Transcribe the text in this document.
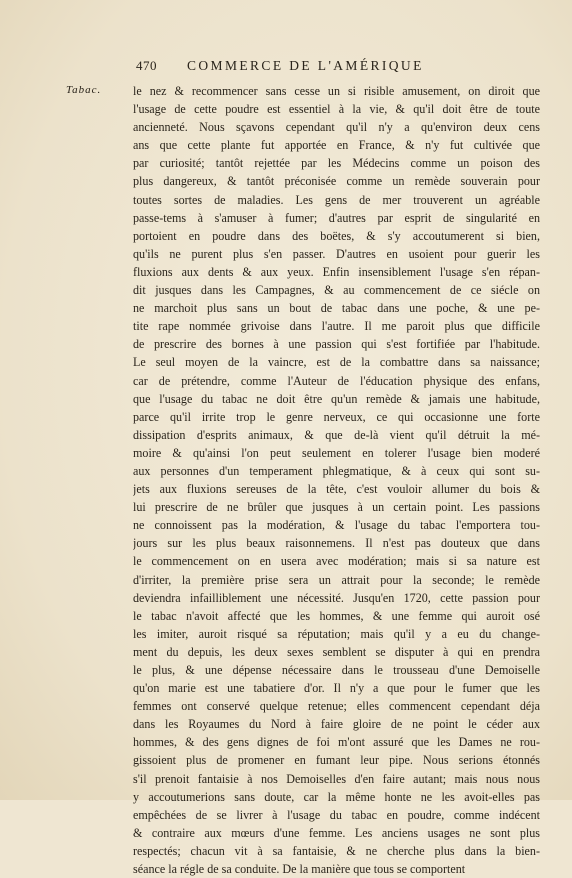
470 COMMERCE DE L'AMÉRIQUE
Tabac.	le nez & recommencer sans cesse un si risible amusement, on diroit que
l'usage de cette poudre est essentiel à la vie, & qu'il doit être de toute
ancienneté. Nous sçavons cependant qu'il n'y a qu'environ deux cens
ans que cette plante fut apportée en France, & n'y fut cultivée que
par curiosité; tantôt rejettée par les Médecins comme un poison des
plus dangereux, & tantôt préconisée comme un remède souverain pour
toutes sortes de maladies. Les gens de mer trouverent un agréable
passe-tems à s'amuser à fumer; d'autres par esprit de singularité en
portoient en poudre dans des boëtes, & s'y accoutumerent si bien,
qu'ils ne purent plus s'en passer. D'autres en usoient pour guerir les
fluxions aux dents & aux yeux. Enfin insensiblement l'usage s'en répan-
dit jusques dans les Campagnes, & au commencement de ce siécle on
ne marchoit plus sans un bout de tabac dans une poche, & une pe-
tite rape nommée grivoise dans l'autre. Il me paroit plus que difficile
de prescrire des bornes à une passion qui s'est fortifiée par l'habitude.
Le seul moyen de la vaincre, est de la combattre dans sa naissance;
car de prétendre, comme l'Auteur de l'éducation physique des enfans,
que l'usage du tabac ne doit être qu'un remède & jamais une habitude,
parce qu'il irrite trop le genre nerveux, ce qui occasionne une forte
dissipation d'esprits animaux, & que de-là vient qu'il détruit la mé-
moire & qu'ainsi l'on peut seulement en tolerer l'usage bien moderé
aux personnes d'un temperament phlegmatique, & à ceux qui sont su-
jets aux fluxions sereuses de la tête, c'est vouloir allumer du bois &
lui prescrire de ne brûler que jusques à un certain point. Les passions
ne connoissent pas la modération, & l'usage du tabac l'emportera tou-
jours sur les plus beaux raisonnemens. Il n'est pas douteux que dans
le commencement on en usera avec modération; mais si sa nature est
d'irriter, la première prise sera un attrait pour la seconde; le remède
deviendra infailliblement une nécessité. Jusqu'en 1720, cette passion pour
le tabac n'avoit affecté que les hommes, & une femme qui auroit osé
les imiter, auroit risqué sa réputation; mais qu'il y a eu du change-
ment du depuis, les deux sexes semblent se disputer à qui en prendra
le plus, & une dépense nécessaire dans le trousseau d'une Demoiselle
qu'on marie est une tabatiere d'or. Il n'y a que pour le fumer que les
femmes ont conservé quelque retenue; elles commencent cependant déja
dans les Royaumes du Nord à faire gloire de ne point le céder aux
hommes, & des gens dignes de foi m'ont assuré que les Dames ne rou-
gissoient plus de promener en fumant leur pipe. Nous serions étonnés
s'il prenoit fantaisie à nos Demoiselles d'en faire autant; mais nous nous
y accoutumerions sans doute, car la même honte ne les avoit-elles pas
empêchées de se livrer à l'usage du tabac en poudre, comme indécent
& contraire aux mœurs d'une femme. Les anciens usages ne sont plus
respectés; chacun vit à sa fantaisie, & ne cherche plus dans la bien-
séance la régle de sa conduite. De la manière que tous se comportent
